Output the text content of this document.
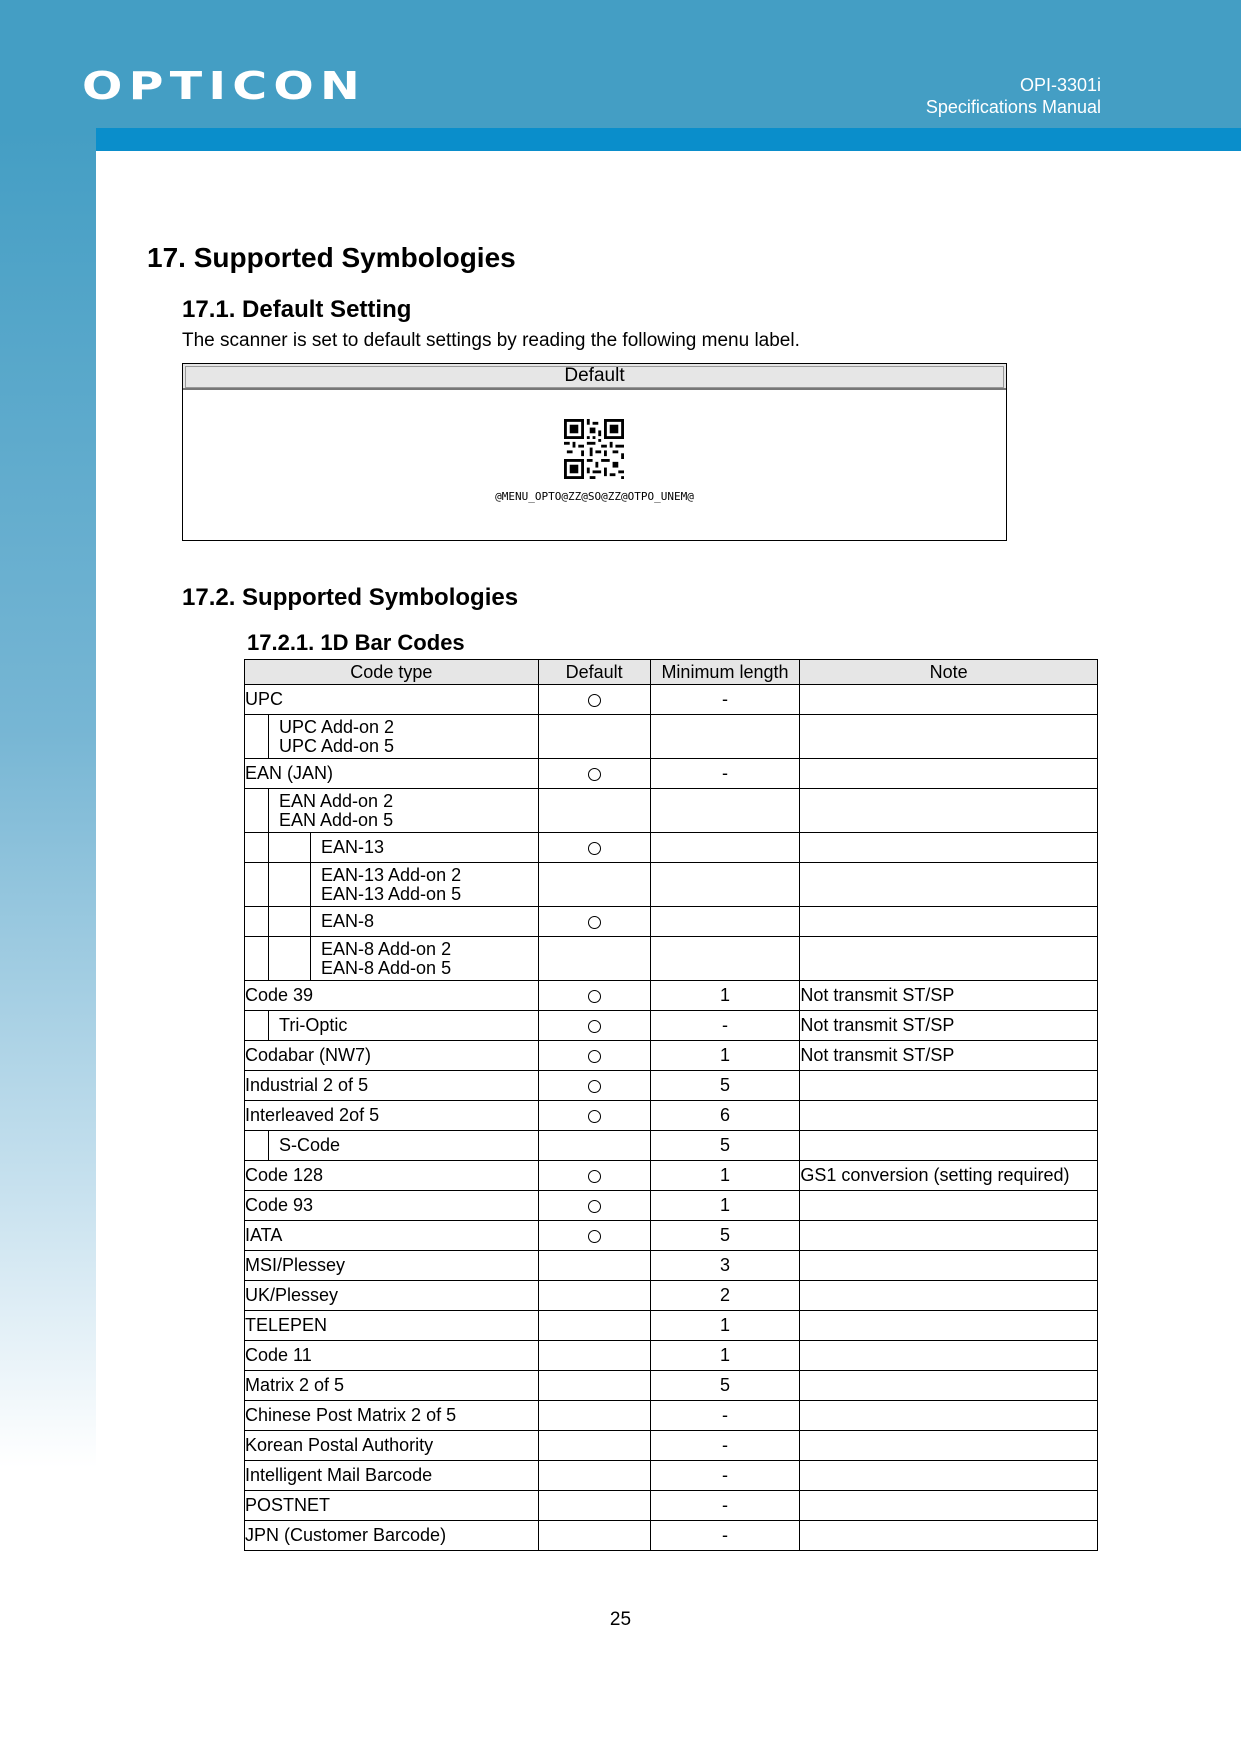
OPTICON	OPI-3301i
Specifications Manual
17. Supported Symbologies
17.1. Default Setting

The scanner is set to default settings by reading the following menu label.

Default
@MENU_OPTO@ZZ@SO@ZZ@OTPO_UNEM@
17.2. Supported Symbologies
17.2.1. 1D Bar Codes
Code type	Default	Minimum length	Note

UPC		-	

UPC Add-on 2
UPC Add-on 5			

EAN (JAN)		-	

EAN Add-on 2
EAN Add-on 5			

EAN-13			

EAN-13 Add-on 2
EAN-13 Add-on 5			

EAN-8			

EAN-8 Add-on 2
EAN-8 Add-on 5			

Code 39		1	Not transmit ST/SP

Tri-Optic		-	Not transmit ST/SP

Codabar (NW7)		1	Not transmit ST/SP

Industrial 2 of 5		5	

Interleaved 2of 5		6	

S-Code		5	

Code 128		1	GS1 conversion (setting required)

Code 93		1	

IATA		5	

MSI/Plessey		3	

UK/Plessey		2	

TELEPEN		1	

Code 11		1	

Matrix 2 of 5		5	

Chinese Post Matrix 2 of 5		-	

Korean Postal Authority		-	

Intelligent Mail Barcode		-	

POSTNET		-	

JPN (Customer Barcode)		-	
25
